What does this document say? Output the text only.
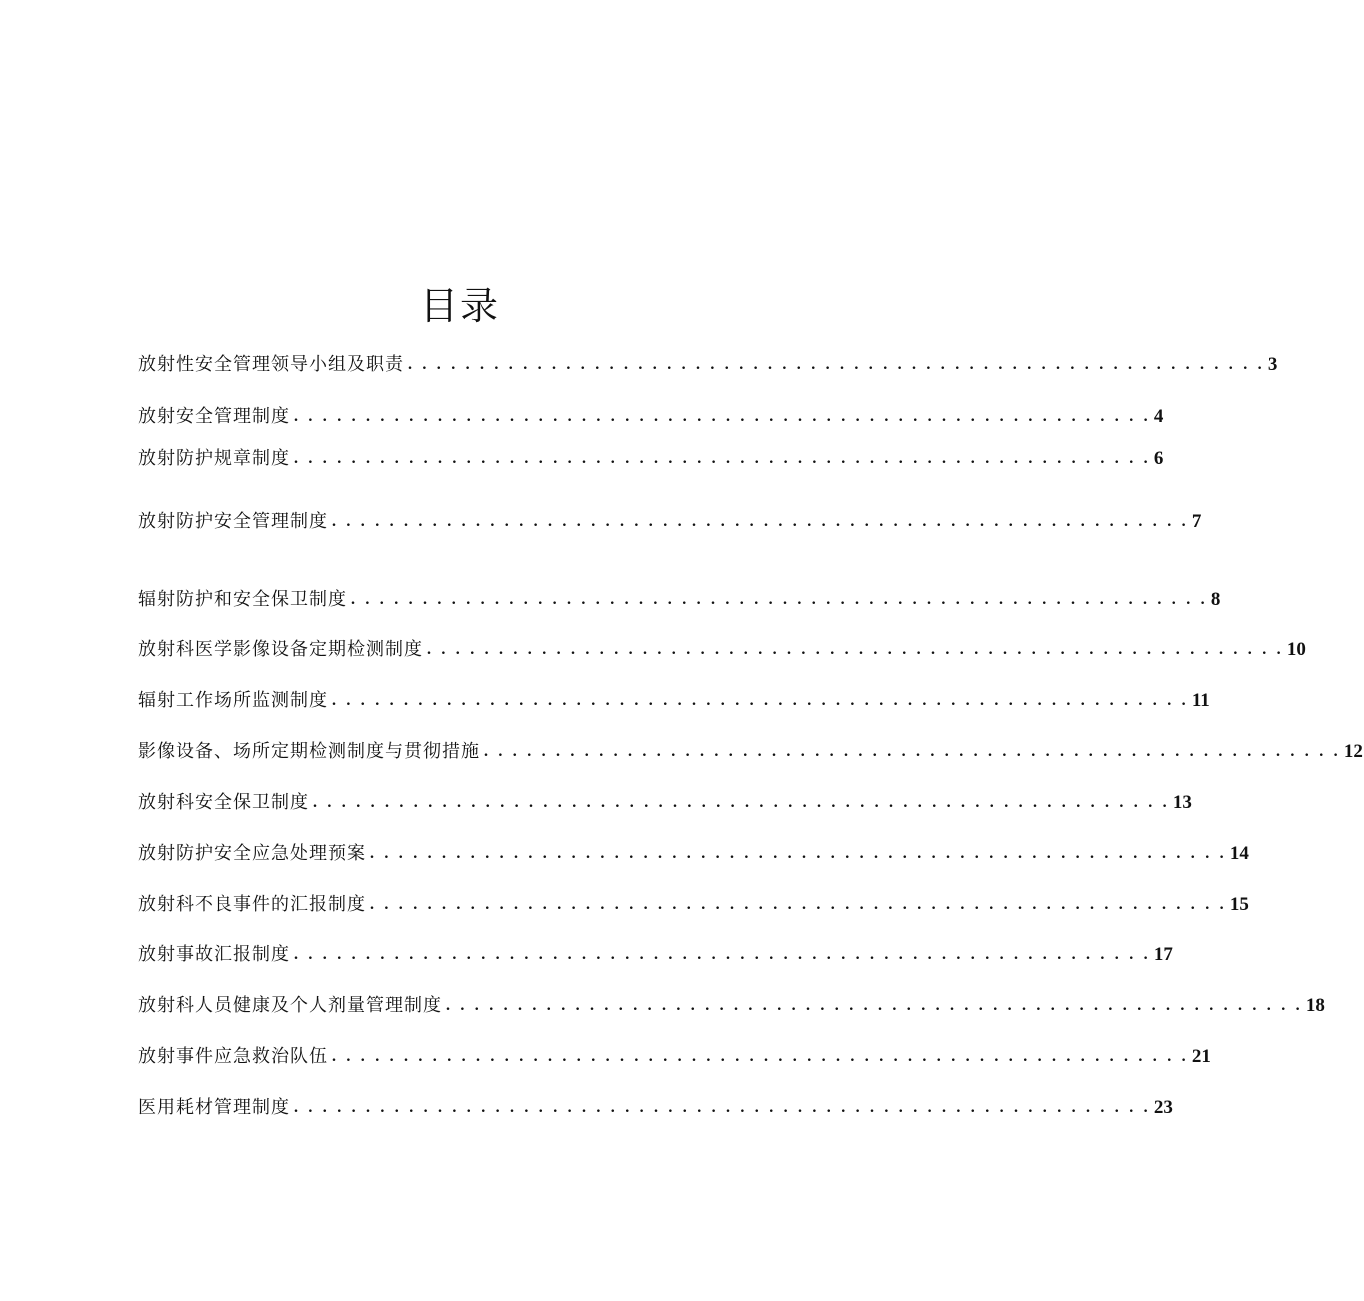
目录
放射性安全管理领导小组及职责 . . . . . . . . . . . . . . . . . . . . . . . . . . . . . . . . . . . . . . . . . . . . . . . . . . . . . . . . . . . . 3
放射安全管理制度 . . . . . . . . . . . . . . . . . . . . . . . . . . . . . . . . . . . . . . . . . . . . . . . . . . . . . . . . . . . . 4
放射防护规章制度 . . . . . . . . . . . . . . . . . . . . . . . . . . . . . . . . . . . . . . . . . . . . . . . . . . . . . . . . . . . . 6
放射防护安全管理制度 . . . . . . . . . . . . . . . . . . . . . . . . . . . . . . . . . . . . . . . . . . . . . . . . . . . . . . . . . . . . 7
辐射防护和安全保卫制度 . . . . . . . . . . . . . . . . . . . . . . . . . . . . . . . . . . . . . . . . . . . . . . . . . . . . . . . . . . . . 8
放射科医学影像设备定期检测制度 . . . . . . . . . . . . . . . . . . . . . . . . . . . . . . . . . . . . . . . . . . . . . . . . . . . . . . . . . . . . 10
辐射工作场所监测制度 . . . . . . . . . . . . . . . . . . . . . . . . . . . . . . . . . . . . . . . . . . . . . . . . . . . . . . . . . . . . 11
影像设备、场所定期检测制度与贯彻措施 . . . . . . . . . . . . . . . . . . . . . . . . . . . . . . . . . . . . . . . . . . . . . . . . . . . . . . . . . . . . 12
放射科安全保卫制度 . . . . . . . . . . . . . . . . . . . . . . . . . . . . . . . . . . . . . . . . . . . . . . . . . . . . . . . . . . . . 13
放射防护安全应急处理预案 . . . . . . . . . . . . . . . . . . . . . . . . . . . . . . . . . . . . . . . . . . . . . . . . . . . . . . . . . . . . 14
放射科不良事件的汇报制度 . . . . . . . . . . . . . . . . . . . . . . . . . . . . . . . . . . . . . . . . . . . . . . . . . . . . . . . . . . . . 15
放射事故汇报制度 . . . . . . . . . . . . . . . . . . . . . . . . . . . . . . . . . . . . . . . . . . . . . . . . . . . . . . . . . . . . 17
放射科人员健康及个人剂量管理制度 . . . . . . . . . . . . . . . . . . . . . . . . . . . . . . . . . . . . . . . . . . . . . . . . . . . . . . . . . . . . 18
放射事件应急救治队伍 . . . . . . . . . . . . . . . . . . . . . . . . . . . . . . . . . . . . . . . . . . . . . . . . . . . . . . . . . . . . 21
医用耗材管理制度 . . . . . . . . . . . . . . . . . . . . . . . . . . . . . . . . . . . . . . . . . . . . . . . . . . . . . . . . . . . . 23
